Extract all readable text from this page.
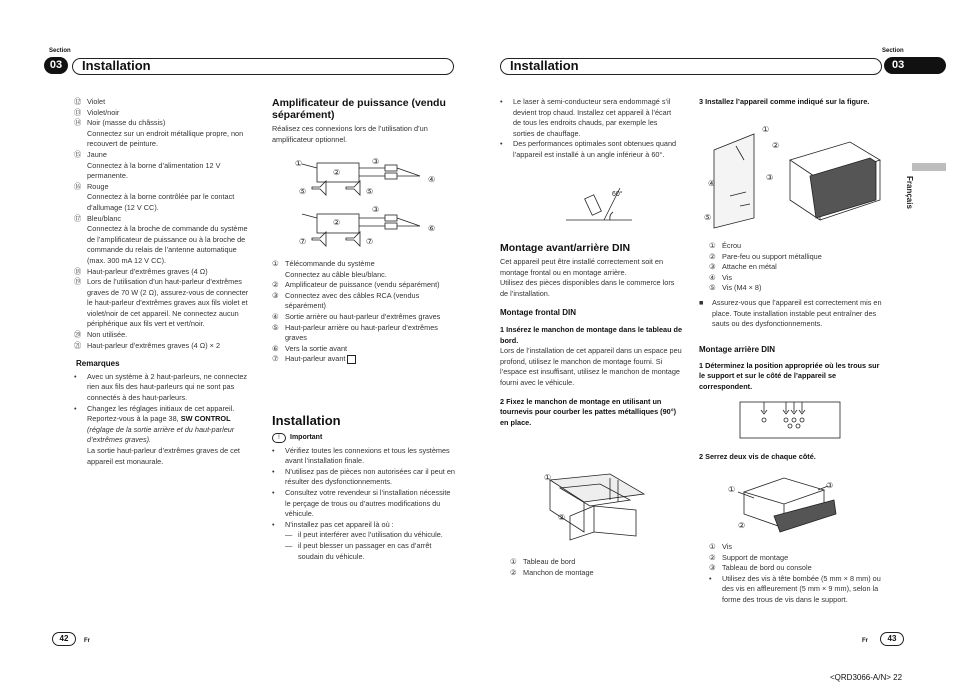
Section
03	Installation
Section
Installation	03
Français
⑫ Violet
⑬ Violet/noir
⑭ Noir (masse du châssis)
Connectez sur un endroit métallique propre, non recouvert de peinture.
⑮ Jaune
Connectez à la borne d’alimentation 12 V permanente.
⑯ Rouge
Connectez à la borne contrôlée par le contact d’allumage (12 V CC).
⑰ Bleu/blanc
Connectez à la broche de commande du système de l’amplificateur de puissance ou à la broche de commande du relais de l’antenne automatique (max. 300 mA 12 V CC).
⑱ Haut-parleur d’extrêmes graves (4 Ω)
⑲ Lors de l’utilisation d’un haut-parleur d’extrêmes graves de 70 W (2 Ω), assurez-vous de connecter le haut-parleur d’extrêmes graves aux fils violet et violet/noir de cet appareil. Ne connectez aucun périphérique aux fils vert et vert/noir.
⑳ Non utilisée.
㉑ Haut-parleur d’extrêmes graves (4 Ω) × 2
Remarques
• Avec un système à 2 haut-parleurs, ne connectez rien aux fils des haut-parleurs qui ne sont pas connectés à des haut-parleurs.
• Changez les réglages initiaux de cet appareil. Reportez-vous à la page 38, SW CONTROL (réglage de la sortie arrière et du haut-parleur d’extrêmes graves).
La sortie haut-parleur d’extrêmes graves de cet appareil est monaurale.
Amplificateur de puissance (vendu séparément)
Réalisez ces connexions lors de l’utilisation d’un amplificateur optionnel.
①
②
③
④
⑤	⑤
②
③
⑥
⑦	⑦
① Télécommande du système
Connectez au câble bleu/blanc.
② Amplificateur de puissance (vendu séparément)
③ Connectez avec des câbles RCA (vendus séparément)
④ Sortie arrière ou haut-parleur d’extrêmes graves
⑤ Haut-parleur arrière ou haut-parleur d’extrêmes graves
⑥ Vers la sortie avant
⑦ Haut-parleur avant
Installation
!	Important
• Vérifiez toutes les connexions et tous les systèmes avant l’installation finale.
• N’utilisez pas de pièces non autorisées car il peut en résulter des dysfonctionnements.
• Consultez votre revendeur si l’installation nécessite le perçage de trous ou d’autres modifications du véhicule.
• N’installez pas cet appareil là où :
— il peut interférer avec l’utilisation du véhicule.
— il peut blesser un passager en cas d’arrêt soudain du véhicule.
• Le laser à semi-conducteur sera endommagé s’il devient trop chaud. Installez cet appareil à l’écart de tous les endroits chauds, par exemple les sorties de chauffage.
• Des performances optimales sont obtenues quand l’appareil est installé à un angle inférieur à 60°.
60°
Montage avant/arrière DIN
Cet appareil peut être installé correctement soit en montage frontal ou en montage arrière.
Utilisez des pièces disponibles dans le commerce lors de l’installation.
Montage frontal DIN
1 Insérez le manchon de montage dans le tableau de bord.
Lors de l’installation de cet appareil dans un espace peu profond, utilisez le manchon de montage fourni. Si l’espace est insuffisant, utilisez le manchon de montage fourni avec le véhicule.
2 Fixez le manchon de montage en utilisant un tournevis pour courber les pattes métalliques (90°) en place.
①
②
① Tableau de bord
② Manchon de montage
3 Installez l’appareil comme indiqué sur la figure.
①
②
③
④
⑤
① Écrou
② Pare-feu ou support métallique
③ Attache en métal
④ Vis
⑤ Vis (M4 × 8)
■ Assurez-vous que l’appareil est correctement mis en place. Toute installation instable peut entraîner des sauts ou des dysfonctionnements.
Montage arrière DIN
1 Déterminez la position appropriée où les trous sur le support et sur le côté de l’appareil se correspondent.
2 Serrez deux vis de chaque côté.
①
②
③
① Vis
② Support de montage
③ Tableau de bord ou console
• Utilisez des vis à tête bombée (5 mm × 8 mm) ou des vis en affleurement (5 mm × 9 mm), selon la forme des trous de vis dans le support.
42	Fr	Fr	43
<QRD3066-A/N> 22
